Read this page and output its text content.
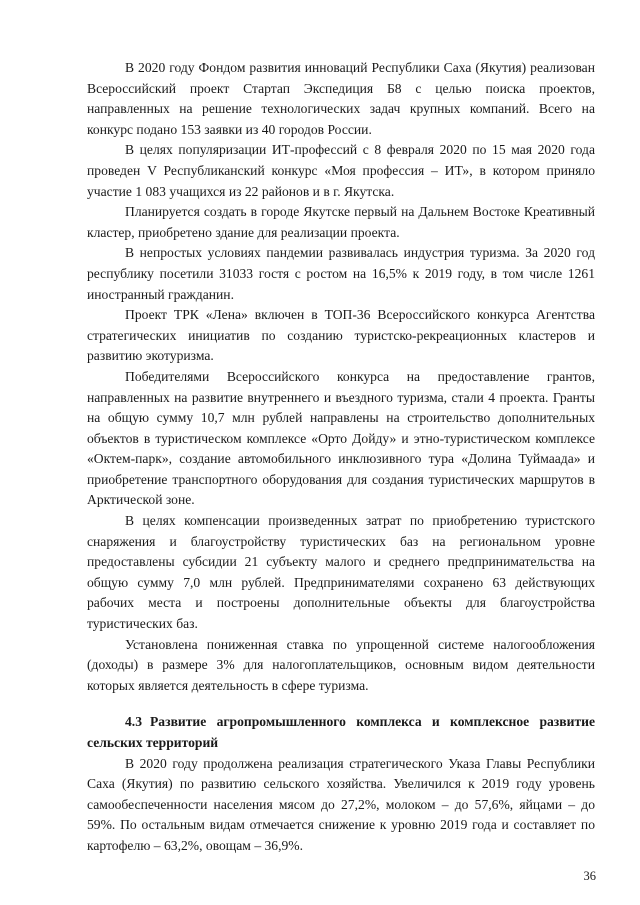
В 2020 году Фондом развития инноваций Республики Саха (Якутия) реализован Всероссийский проект Стартап Экспедиция Б8 с целью поиска проектов, направленных на решение технологических задач крупных компаний. Всего на конкурс подано 153 заявки из 40 городов России.

В целях популяризации ИТ-профессий с 8 февраля 2020 по 15 мая 2020 года проведен V Республиканский конкурс «Моя профессия – ИТ», в котором приняло участие 1 083 учащихся из 22 районов и в г. Якутска.

Планируется создать в городе Якутске первый на Дальнем Востоке Креативный кластер, приобретено здание для реализации проекта.

В непростых условиях пандемии развивалась индустрия туризма. За 2020 год республику посетили 31033 гостя с ростом на 16,5% к 2019 году, в том числе 1261 иностранный гражданин.

Проект ТРК «Лена» включен в ТОП-36 Всероссийского конкурса Агентства стратегических инициатив по созданию туристско-рекреационных кластеров и развитию экотуризма.

Победителями Всероссийского конкурса на предоставление грантов, направленных на развитие внутреннего и въездного туризма, стали 4 проекта. Гранты на общую сумму 10,7 млн рублей направлены на строительство дополнительных объектов в туристическом комплексе «Орто Дойду» и этно-туристическом комплексе «Октем-парк», создание автомобильного инклюзивного тура «Долина Туймаада» и приобретение транспортного оборудования для создания туристических маршрутов в Арктической зоне.

В целях компенсации произведенных затрат по приобретению туристского снаряжения и благоустройству туристических баз на региональном уровне предоставлены субсидии 21 субъекту малого и среднего предпринимательства на общую сумму 7,0 млн рублей. Предпринимателями сохранено 63 действующих рабочих места и построены дополнительные объекты для благоустройства туристических баз.

Установлена пониженная ставка по упрощенной системе налогообложения (доходы) в размере 3% для налогоплательщиков, основным видом деятельности которых является деятельность в сфере туризма.

4.3 Развитие агропромышленного комплекса и комплексное развитие сельских территорий

В 2020 году продолжена реализация стратегического Указа Главы Республики Саха (Якутия) по развитию сельского хозяйства. Увеличился к 2019 году уровень самообеспеченности населения мясом до 27,2%, молоком – до 57,6%, яйцами – до 59%. По остальным видам отмечается снижение к уровню 2019 года и составляет по картофелю – 63,2%, овощам – 36,9%.

36
